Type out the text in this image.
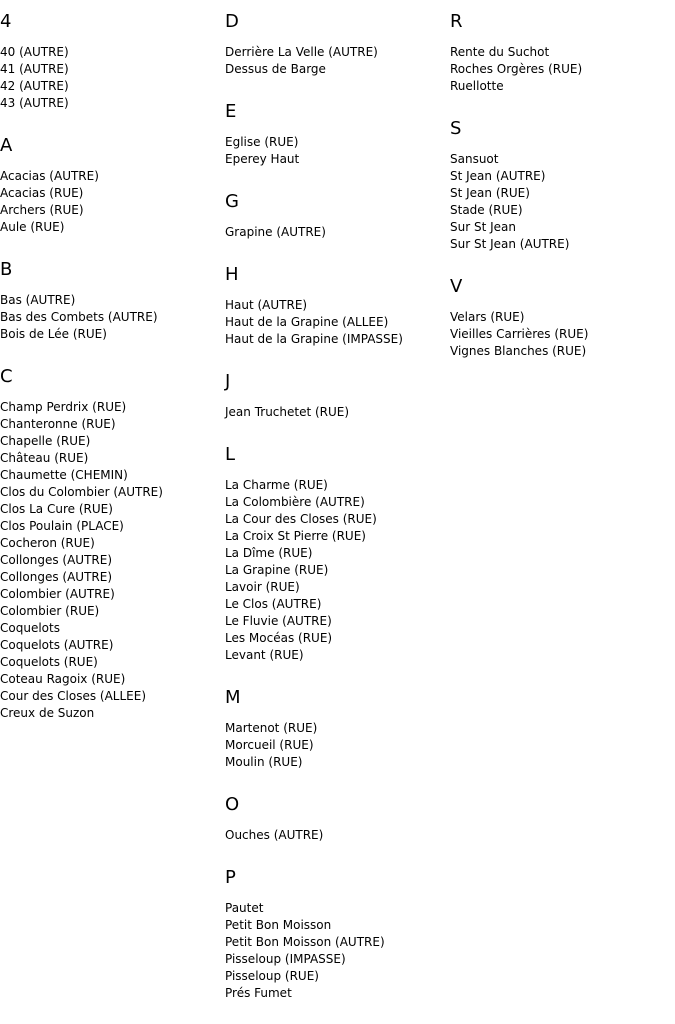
4
40 (AUTRE)
41 (AUTRE)
42 (AUTRE)
43 (AUTRE)
A
Acacias (AUTRE)
Acacias (RUE)
Archers (RUE)
Aule (RUE)
B
Bas (AUTRE)
Bas des Combets (AUTRE)
Bois de Lée (RUE)
C
Champ Perdrix (RUE)
Chanteronne (RUE)
Chapelle (RUE)
Château (RUE)
Chaumette (CHEMIN)
Clos du Colombier (AUTRE)
Clos La Cure (RUE)
Clos Poulain (PLACE)
Cocheron (RUE)
Collonges (AUTRE)
Collonges (AUTRE)
Colombier (AUTRE)
Colombier (RUE)
Coquelots
Coquelots (AUTRE)
Coquelots (RUE)
Coteau Ragoix (RUE)
Cour des Closes (ALLEE)
Creux de Suzon
D
Derrière La Velle (AUTRE)
Dessus de Barge
E
Eglise (RUE)
Eperey Haut
G
Grapine (AUTRE)
H
Haut (AUTRE)
Haut de la Grapine (ALLEE)
Haut de la Grapine (IMPASSE)
J
Jean Truchetet (RUE)
L
La Charme (RUE)
La Colombière (AUTRE)
La Cour des Closes (RUE)
La Croix St Pierre (RUE)
La Dîme (RUE)
La Grapine (RUE)
Lavoir (RUE)
Le Clos (AUTRE)
Le Fluvie (AUTRE)
Les Mocéas (RUE)
Levant (RUE)
M
Martenot (RUE)
Morcueil (RUE)
Moulin (RUE)
O
Ouches (AUTRE)
P
Pautet
Petit Bon Moisson
Petit Bon Moisson (AUTRE)
Pisseloup (IMPASSE)
Pisseloup (RUE)
Prés Fumet
R
Rente du Suchot
Roches Orgères (RUE)
Ruellotte
S
Sansuot
St Jean (AUTRE)
St Jean (RUE)
Stade (RUE)
Sur St Jean
Sur St Jean (AUTRE)
V
Velars (RUE)
Vieilles Carrières (RUE)
Vignes Blanches (RUE)
